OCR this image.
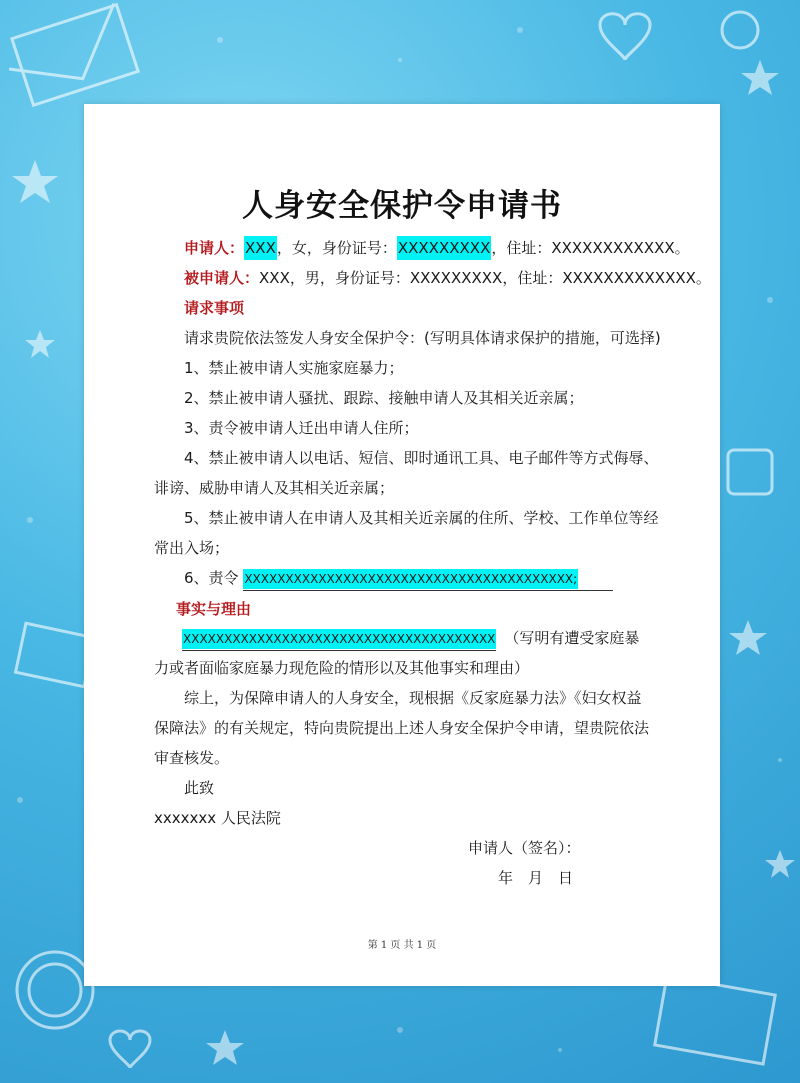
人身安全保护令申请书
申请人：XXX，女，身份证号：XXXXXXXXX，住址：XXXXXXXXXXXX。
被申请人：XXX，男，身份证号：XXXXXXXXX，住址：XXXXXXXXXXXXX。
请求事项
请求贵院依法签发人身安全保护令：(写明具体请求保护的措施，可选择)
1、禁止被申请人实施家庭暴力；
2、禁止被申请人骚扰、跟踪、接触申请人及其相关近亲属；
3、责令被申请人迁出申请人住所；
4、禁止被申请人以电话、短信、即时通讯工具、电子邮件等方式侮辱、
诽谤、威胁申请人及其相关近亲属；
5、禁止被申请人在申请人及其相关近亲属的住所、学校、工作单位等经
常出入场；
6、责令 XXXXXXXXXXXXXXXXXXXXXXXXXXXXXXXXXXXXXXXX;
事实与理由
XXXXXXXXXXXXXXXXXXXXXXXXXXXXXXXXXXXXXX （写明有遭受家庭暴
力或者面临家庭暴力现危险的情形以及其他事实和理由）
综上，为保障申请人的人身安全，现根据《反家庭暴力法》《妇女权益
保障法》的有关规定，特向贵院提出上述人身安全保护令申请，望贵院依法
审查核发。
此致
xxxxxxx 人民法院
申请人（签名）：
年　月　日
第 1 页 共 1 页
